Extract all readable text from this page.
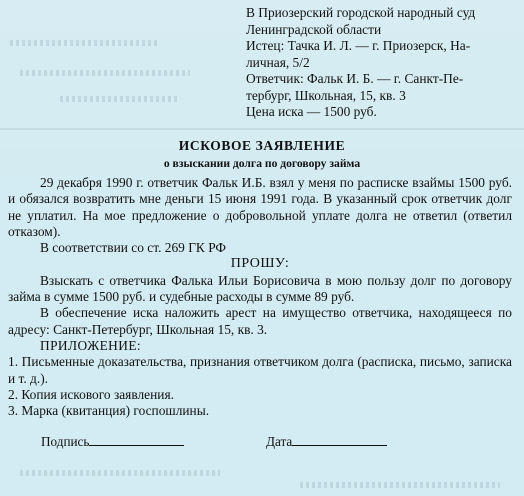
В Приозерский городской народный суд
Ленинградской области
Истец: Тачка И. Л. — г. Приозерск, На-
личная, 5/2
Ответчик: Фальк И. Б. — г. Санкт-Пе-
тербург, Школьная, 15, кв. 3
Цена иска — 1500 руб.
ИСКОВОЕ ЗАЯВЛЕНИЕ
о взыскании долга по договору займа
29 декабря 1990 г. ответчик Фальк И.Б. взял у меня по расписке взаймы 1500 руб. и обязался возвратить мне деньги 15 июня 1991 года. В указанный срок ответчик долг не уплатил. На мое предложение о добровольной уплате долга не ответил (ответил отказом).
В соответствии со ст. 269 ГК РФ
ПРОШУ:
Взыскать с ответчика Фалька Ильи Борисовича в мою пользу долг по договору займа в сумме 1500 руб. и судебные расходы в сумме 89 руб.
В обеспечение иска наложить арест на имущество ответчика, находящееся по адресу: Санкт-Петербург, Школьная 15, кв. 3.
ПРИЛОЖЕНИЕ:
1. Письменные доказательства, признания ответчиком долга (расписка, письмо, записка и т. д.).
2. Копия искового заявления.
3. Марка (квитанция) госпошлины.
Подпись	Дата
